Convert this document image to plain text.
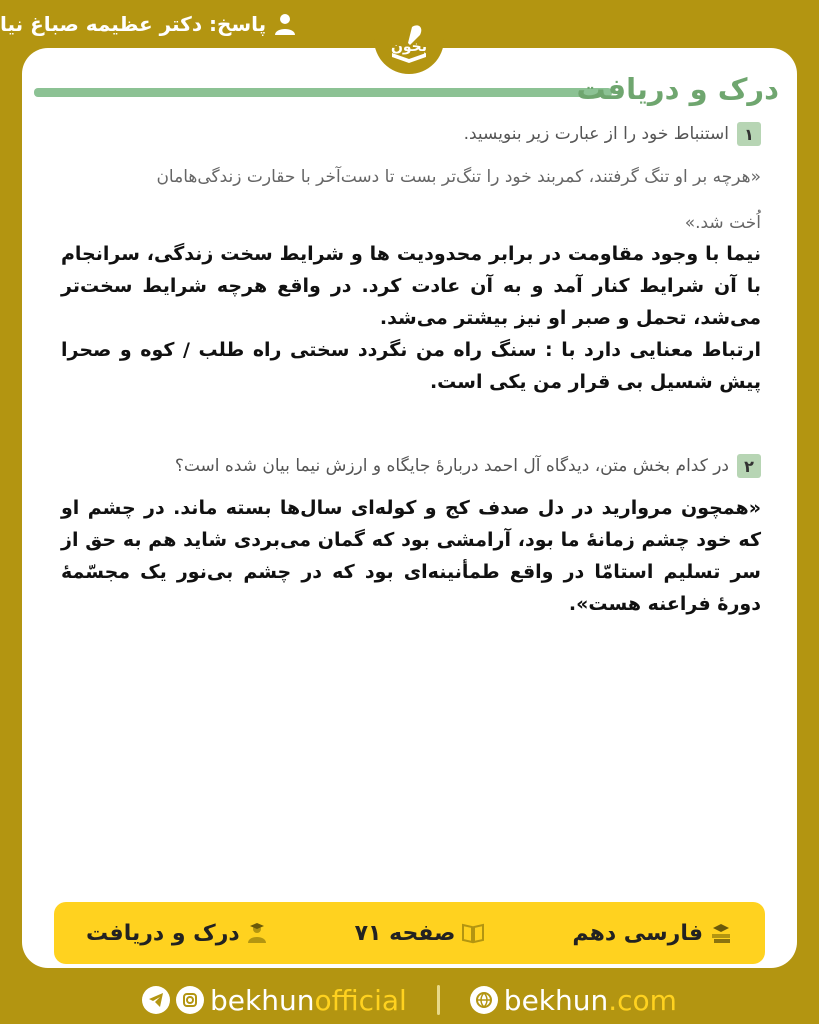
پاسخ: دکتر عظیمه صباغ نیا
بخون
درک و دریافت
۱
استنباط خود را از عبارت زیر بنویسید.
«هرچه بر او تنگ گرفتند، کمربند خود را تنگ‌تر بست تا دست‌آخر با حقارت زندگی‌هامان
اُخت شد.»

نیما با وجود مقاومت در برابر محدودیت ها و شرایط سخت زندگی، سرانجام با آن شرایط کنار آمد و به آن عادت کرد. در واقع هرچه شرایط سخت‌تر می‌شد، تحمل و صبر او نیز بیشتر می‌شد.

ارتباط معنایی دارد با : سنگ راه من نگردد سختی راه طلب / کوه و صحرا پیش شسیل بی قرار من یکی است.

۲
در کدام بخش متن، دیدگاه آل احمد دربارهٔ جایگاه و ارزش نیما بیان شده است؟

«همچون مروارید در دل صدف کج و کوله‌ای سال‌ها بسته ماند. در چشم او که خود چشم زمانهٔ ما بود، آرامشی بود که گمان می‌بردی شاید هم به حق از سر تسلیم استامّا در واقع طمأنینه‌ای بود که در چشم بی‌نور یک مجسّمهٔ دورهٔ فراعنه هست».

درک و دریافت	صفحه ۷۱	فارسی دهم
bekhunofficial	bekhun.com
